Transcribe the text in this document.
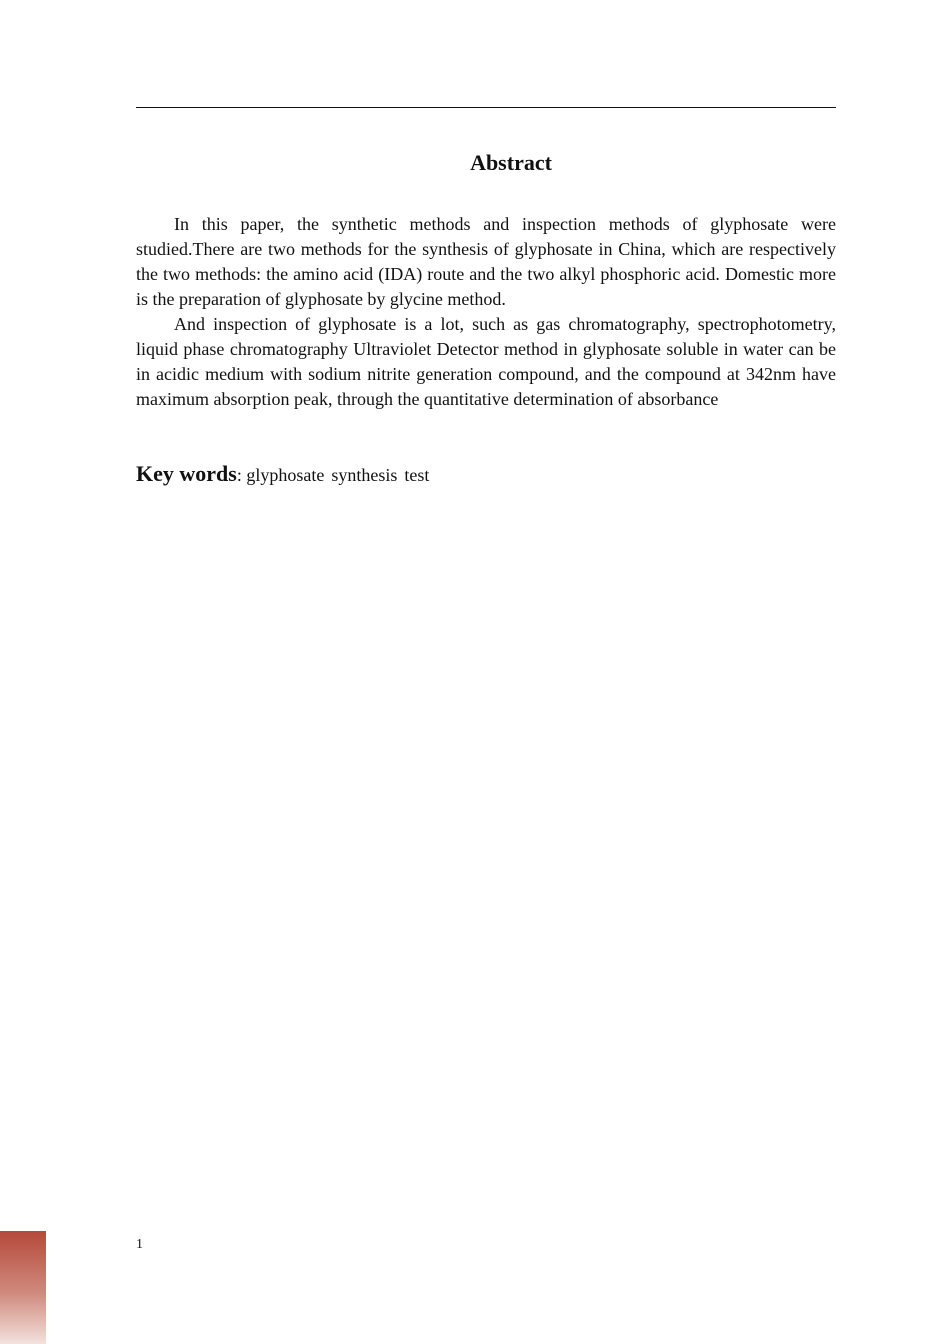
Abstract

In this paper, the synthetic methods and inspection methods of glyphosate were studied.There are two methods for the synthesis of glyphosate in China, which are respectively the two methods: the amino acid (IDA) route and the two alkyl phosphoric acid. Domestic more is the preparation of glyphosate by glycine method.

And inspection of glyphosate is a lot, such as gas chromatography, spectrophotometry, liquid phase chromatography Ultraviolet Detector method in glyphosate soluble in water can be in acidic medium with sodium nitrite generation compound, and the compound at 342nm have maximum absorption peak, through the quantitative determination of absorbance

Key words: glyphosate synthesis test
1
